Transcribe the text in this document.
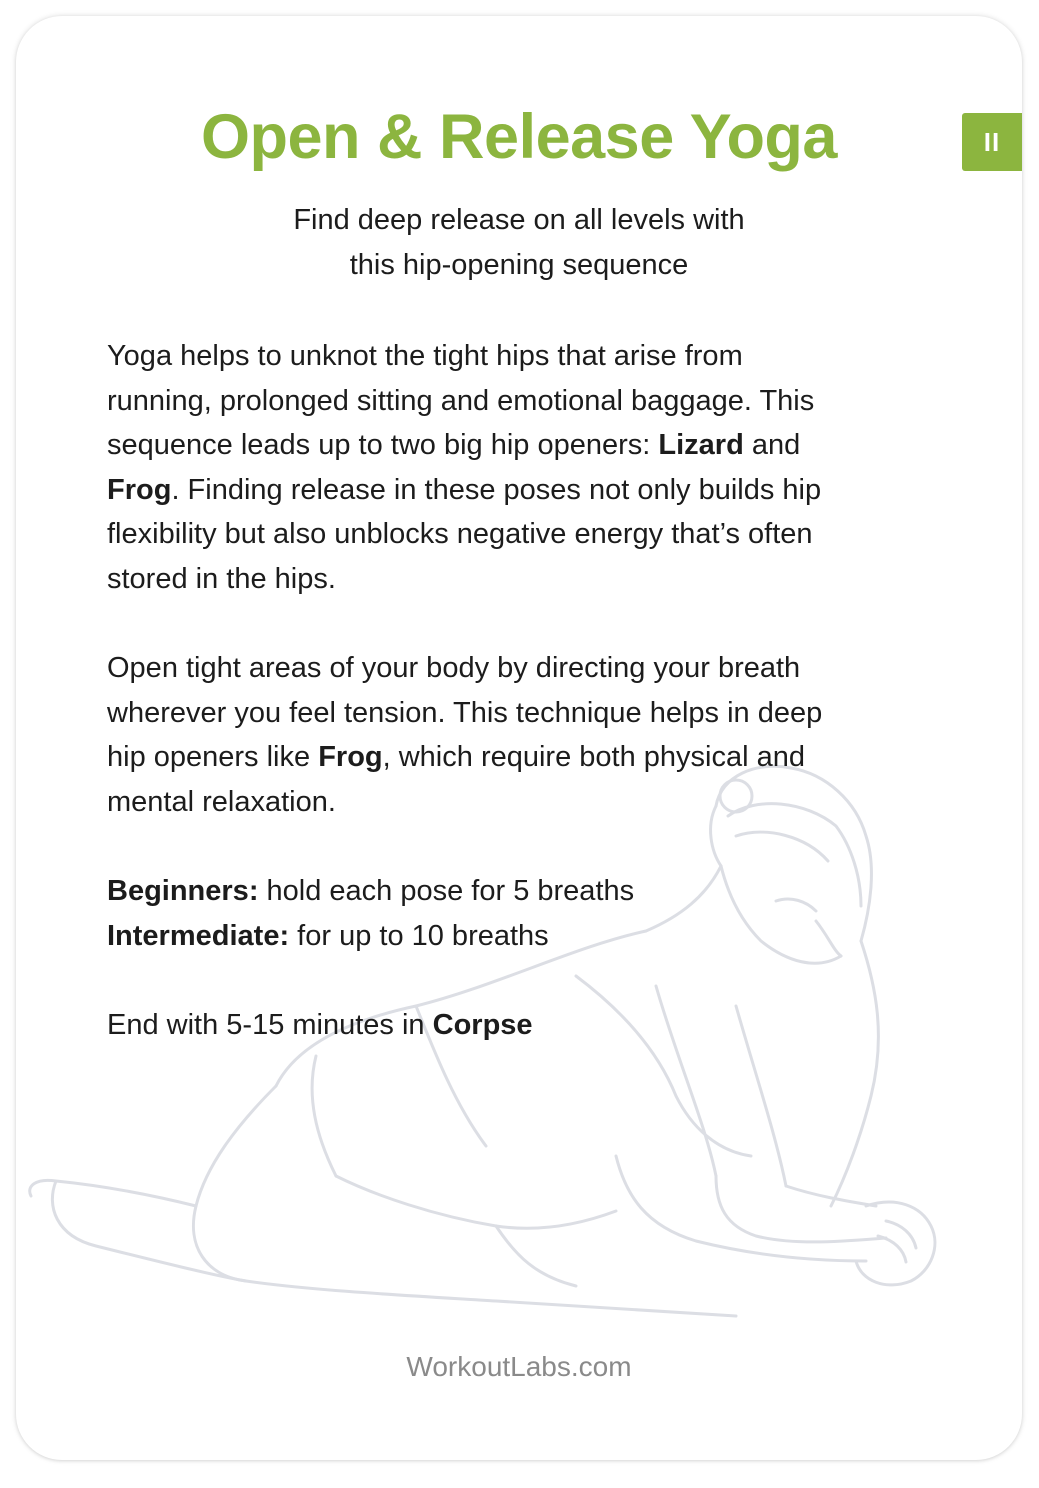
Open & Release Yoga	II

Find deep release on all levels with
this hip-opening sequence

Yoga helps to unknot the tight hips that arise from
running, prolonged sitting and emotional baggage. This
sequence leads up to two big hip openers: Lizard and
Frog. Finding release in these poses not only builds hip
flexibility but also unblocks negative energy that’s often
stored in the hips.
Open tight areas of your body by directing your breath
wherever you feel tension. This technique helps in deep
hip openers like Frog, which require both physical and
mental relaxation.
Beginners: hold each pose for 5 breaths
Intermediate: for up to 10 breaths
End with 5-15 minutes in Corpse
WorkoutLabs.com
